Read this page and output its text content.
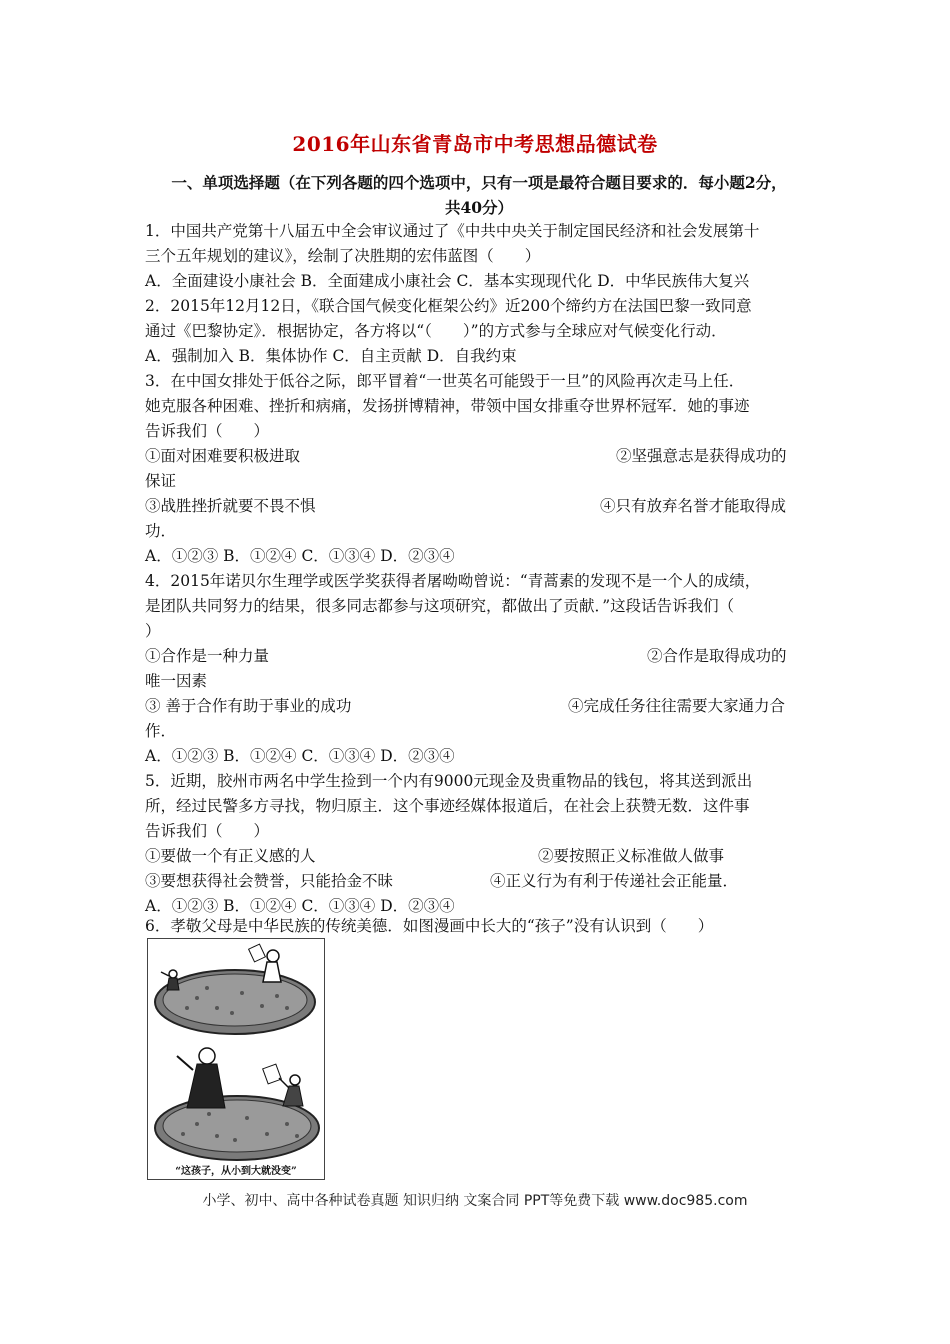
2016年山东省青岛市中考思想品德试卷
一、单项选择题（在下列各题的四个选项中，只有一项是最符合题目要求的．每小题2分，
共40分）
1．中国共产党第十八届五中全会审议通过了《中共中央关于制定国民经济和社会发展第十
三个五年规划的建议》，绘制了决胜期的宏伟蓝图（　　）
A．全面建设小康社会 B．全面建成小康社会 C．基本实现现代化 D．中华民族伟大复兴
2．2015年12月12日，《联合国气候变化框架公约》近200个缔约方在法国巴黎一致同意
通过《巴黎协定》．根据协定，各方将以“（　　）”的方式参与全球应对气候变化行动．
A．强制加入 B．集体协作 C．自主贡献 D．自我约束
3．在中国女排处于低谷之际，郎平冒着“一世英名可能毁于一旦”的风险再次走马上任．
她克服各种困难、挫折和病痛，发扬拼博精神，带领中国女排重夺世界杯冠军．她的事迹
告诉我们（　　）
①面对困难要积极进取	②坚强意志是获得成功的
保证
③战胜挫折就要不畏不惧	④只有放弃名誉才能取得成
功．
A．①②③ B．①②④ C．①③④ D．②③④
4．2015年诺贝尔生理学或医学奖获得者屠呦呦曾说：“青蒿素的发现不是一个人的成绩，
是团队共同努力的结果，很多同志都参与这项研究，都做出了贡献．”这段话告诉我们（
）
①合作是一种力量	②合作是取得成功的
唯一因素
③ 善于合作有助于事业的成功	④完成任务往往需要大家通力合
作．
A．①②③ B．①②④ C．①③④ D．②③④
5．近期，胶州市两名中学生捡到一个内有9000元现金及贵重物品的钱包，将其送到派出
所，经过民警多方寻找，物归原主．这个事迹经媒体报道后，在社会上获赞无数．这件事
告诉我们（　　）
①要做一个有正义感的人	②要按照正义标准做人做事
③要想获得社会赞誉，只能拾金不昧	④正义行为有利于传递社会正能量．
A．①②③ B．①②④ C．①③④ D．②③④
6．孝敬父母是中华民族的传统美德．如图漫画中长大的“孩子”没有认识到（　　）
“这孩子，从小到大就没变”
小学、初中、高中各种试卷真题 知识归纳 文案合同 PPT等免费下载 www.doc985.com
